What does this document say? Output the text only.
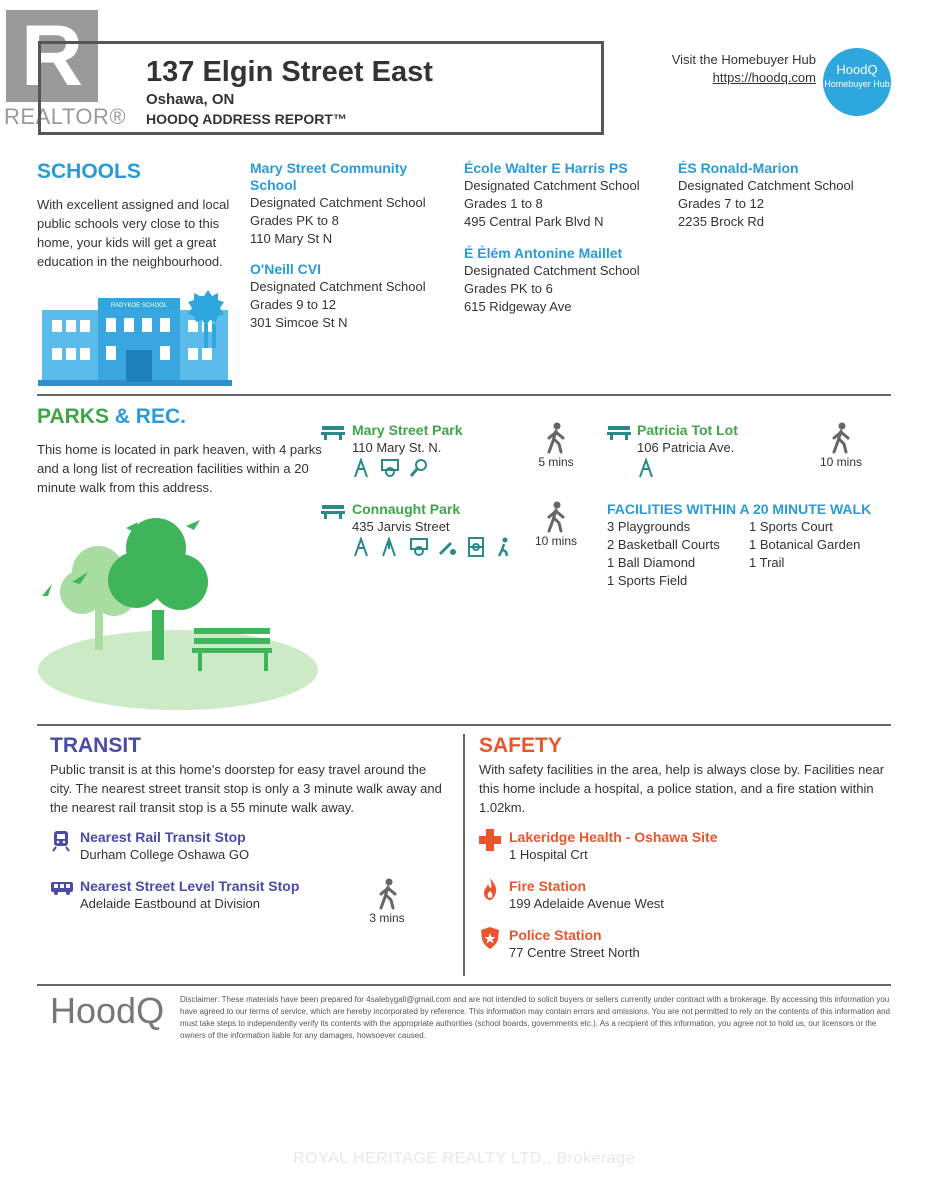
R
REALTOR®
137 Elgin Street East
Oshawa, ON
HOODQ ADDRESS REPORT™
Visit the Homebuyer Hub
https://hoodq.com
HoodQ
Homebuyer Hub
SCHOOLS
With excellent assigned and local public schools very close to this home, your kids will get a great education in the neighbourhood.
RADYKOE SCHOOL
Mary Street Community School
Designated Catchment School
Grades PK to 8
110 Mary St N
O'Neill CVI
Designated Catchment School
Grades 9 to 12
301 Simcoe St N
École Walter E Harris PS
Designated Catchment School
Grades 1 to 8
495 Central Park Blvd N
É Élém Antonine Maillet
Designated Catchment School
Grades PK to 6
615 Ridgeway Ave
ÉS Ronald-Marion
Designated Catchment School
Grades 7 to 12
2235 Brock Rd
PARKS & REC.
This home is located in park heaven, with 4 parks and a long list of recreation facilities within a 20 minute walk from this address.
Mary Street Park
110 Mary St. N.

5 mins
Patricia Tot Lot
106 Patricia Ave.
10 mins
Connaught Park
435 Jarvis Street

10 mins
FACILITIES WITHIN A 20 MINUTE WALK
3 Playgrounds
2 Basketball Courts
1 Ball Diamond
1 Sports Field
1 Sports Court
1 Botanical Garden
1 Trail
TRANSIT
Public transit is at this home's doorstep for easy travel around the city. The nearest street transit stop is only a 3 minute walk away and the nearest rail transit stop is a 55 minute walk away.
Nearest Rail Transit Stop
Durham College Oshawa GO
Nearest Street Level Transit Stop
Adelaide Eastbound at Division
3 mins
SAFETY
With safety facilities in the area, help is always close by. Facilities near this home include a hospital, a police station, and a fire station within 1.02km.
Lakeridge Health - Oshawa Site
1 Hospital Crt
Fire Station
199 Adelaide Avenue West
Police Station
77 Centre Street North
HoodQ Disclaimer: These materials have been prepared for 4salebygall@gmail.com and are not intended to solicit buyers or sellers currently under contract with a brokerage. By accessing this information you have agreed to our terms of service, which are hereby incorporated by reference. This information may contain errors and omissions. You are not permitted to rely on the contents of this information and must take steps to independently verify its contents with the appropriate authorities (school boards, governments etc.). As a recipient of this information, you agree not to hold us, our licensors or the owners of the information liable for any damages, howsoever caused.
ROYAL HERITAGE REALTY LTD., Brokerage
